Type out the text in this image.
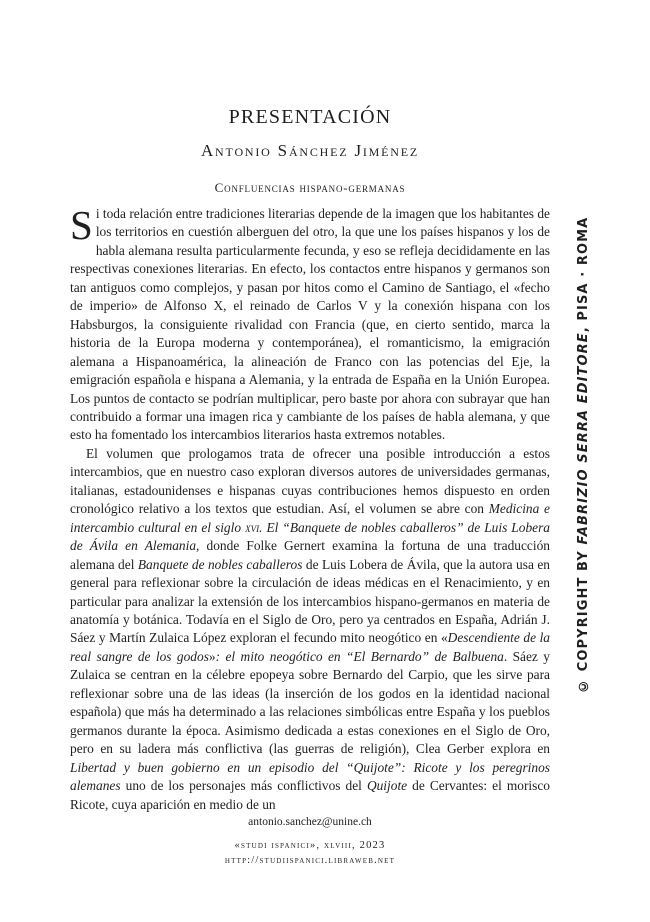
PRESENTACIÓN
Antonio Sánchez Jiménez
Confluencias hispano-germanas

Si toda relación entre tradiciones literarias depende de la imagen que los habitantes de los territorios en cuestión alberguen del otro, la que une los países hispanos y los de habla alemana resulta particularmente fecunda, y eso se refleja decididamente en las respectivas conexiones literarias. En efecto, los contactos entre hispanos y germanos son tan antiguos como complejos, y pasan por hitos como el Camino de Santiago, el «fecho de imperio» de Alfonso X, el reinado de Carlos V y la conexión hispana con los Habsburgos, la consiguiente rivalidad con Francia (que, en cierto sentido, marca la historia de la Europa moderna y contemporánea), el romanticismo, la emigración alemana a Hispanoamérica, la alineación de Franco con las potencias del Eje, la emigración española e hispana a Alemania, y la entrada de España en la Unión Europea. Los puntos de contacto se podrían multiplicar, pero baste por ahora con subrayar que han contribuido a formar una imagen rica y cambiante de los países de habla alemana, y que esto ha fomentado los intercambios literarios hasta extremos notables.

El volumen que prologamos trata de ofrecer una posible introducción a estos intercambios, que en nuestro caso exploran diversos autores de universidades germanas, italianas, estadounidenses e hispanas cuyas contribuciones hemos dispuesto en orden cronológico relativo a los textos que estudian. Así, el volumen se abre con Medicina e intercambio cultural en el siglo xvi. El “Banquete de nobles caballeros” de Luis Lobera de Ávila en Alemania, donde Folke Gernert examina la fortuna de una traducción alemana del Banquete de nobles caballeros de Luis Lobera de Ávila, que la autora usa en general para reflexionar sobre la circulación de ideas médicas en el Renacimiento, y en particular para analizar la extensión de los intercambios hispano-germanos en materia de anatomía y botánica. Todavía en el Siglo de Oro, pero ya centrados en España, Adrián J. Sáez y Martín Zulaica López exploran el fecundo mito neogótico en «Descendiente de la real sangre de los godos»: el mito neogótico en “El Bernardo” de Balbuena. Sáez y Zulaica se centran en la célebre epopeya sobre Bernardo del Carpio, que les sirve para reflexionar sobre una de las ideas (la inserción de los godos en la identidad nacional española) que más ha determinado a las relaciones simbólicas entre España y los pueblos germanos durante la época. Asimismo dedicada a estas conexiones en el Siglo de Oro, pero en su ladera más conflictiva (las guerras de religión), Clea Gerber explora en Libertad y buen gobierno en un episodio del “Quijote”: Ricote y los peregrinos alemanes uno de los personajes más conflictivos del Quijote de Cervantes: el morisco Ricote, cuya aparición en medio de un

© COPYRIGHT BY FABRIZIO SERRA EDITORE, PISA · ROMA
antonio.sanchez@unine.ch
«studi ispanici», xlviii, 2023
http://studiispanici.libraweb.net
